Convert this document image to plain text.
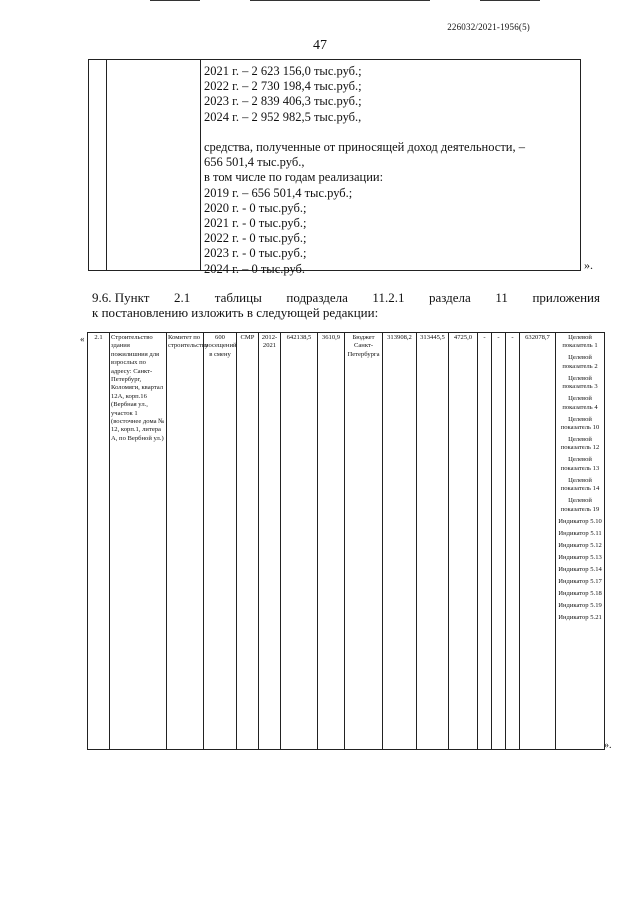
226032/2021-1956(5)
47
2021 г. – 2 623 156,0 тыс.руб.;
2022 г. – 2 730 198,4 тыс.руб.;
2023 г. – 2 839 406,3 тыс.руб.;
2024 г. – 2 952 982,5 тыс.руб.,
средства, полученные от приносящей доход деятельности, –
656 501,4 тыс.руб.,
в том числе по годам реализации:
2019 г. – 656 501,4 тыс.руб.;
2020 г. - 0 тыс.руб.;
2021 г. - 0 тыс.руб.;
2022 г. - 0 тыс.руб.;
2023 г. - 0 тыс.руб.;
2024 г. – 0 тыс.руб.	».
9.6. Пункт 2.1 таблицы подраздела 11.2.1 раздела 11 приложения
к постановлению изложить в следующей редакции:
«
».
2.1	Строительство здания пожилишния для взрослых по адресу: Санкт-Петербург, Коломяги, квартал 12А, корп.16 (Вербная ул., участок 1 (восточнее дома № 12, корп.1, литера А, по Вербной ул.)	Комитет по строительству	600 посещений в смену	СМР	2012-2021	642138,5	3610,9	Бюджет Санкт-Петербурга	313908,2	313445,5	4725,0	-	-	-	632078,7	Целевой показатель 1
Целевой показатель 2
Целевой показатель 3
Целевой показатель 4
Целевой показатель 10
Целевой показатель 12
Целевой показатель 13
Целевой показатель 14
Целевой показатель 19
Индикатор 5.10
Индикатор 5.11
Индикатор 5.12
Индикатор 5.13
Индикатор 5.14
Индикатор 5.17
Индикатор 5.18
Индикатор 5.19
Индикатор 5.21
